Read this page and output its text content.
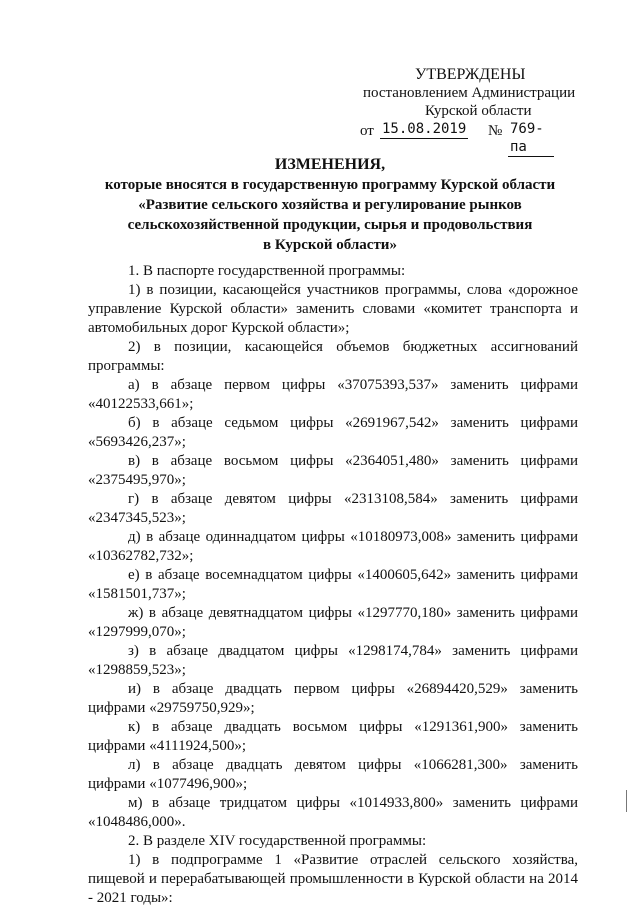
УТВЕРЖДЕНЫ
постановлением Администрации
Курской области
от 15.08.2019 № 769-па
ИЗМЕНЕНИЯ,
которые вносятся в государственную программу Курской области
«Развитие сельского хозяйства и регулирование рынков
сельскохозяйственной продукции, сырья и продовольствия
в Курской области»

1. В паспорте государственной программы:

1) в позиции, касающейся участников программы, слова «дорожное управление Курской области» заменить словами «комитет транспорта и автомобильных дорог Курской области»;

2) в позиции, касающейся объемов бюджетных ассигнований программы:

а) в абзаце первом цифры «37075393,537» заменить цифрами «40122533,661»;

б) в абзаце седьмом цифры «2691967,542» заменить цифрами «5693426,237»;

в) в абзаце восьмом цифры «2364051,480» заменить цифрами «2375495,970»;

г) в абзаце девятом цифры «2313108,584» заменить цифрами «2347345,523»;

д) в абзаце одиннадцатом цифры «10180973,008» заменить цифрами «10362782,732»;

е) в абзаце восемнадцатом цифры «1400605,642» заменить цифрами «1581501,737»;

ж) в абзаце девятнадцатом цифры «1297770,180» заменить цифрами «1297999,070»;

з) в абзаце двадцатом цифры «1298174,784» заменить цифрами «1298859,523»;

и) в абзаце двадцать первом цифры «26894420,529» заменить цифрами «29759750,929»;

к) в абзаце двадцать восьмом цифры «1291361,900» заменить цифрами «4111924,500»;

л) в абзаце двадцать девятом цифры «1066281,300» заменить цифрами «1077496,900»;

м) в абзаце тридцатом цифры «1014933,800» заменить цифрами «1048486,000».

2. В разделе XIV государственной программы:

1) в подпрограмме 1 «Развитие отраслей сельского хозяйства, пищевой и перерабатывающей промышленности в Курской области на 2014 - 2021 годы»:
